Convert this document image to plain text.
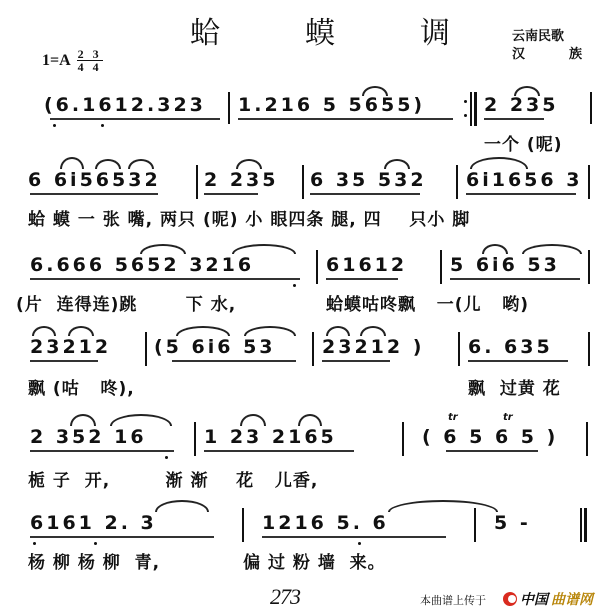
蛤	蟆	调	云南民歌
汉	族
$1=A \frac{2 3}{4 4}$
(6.1612.323 1.216 5 5655)	2 235
一个 (呢)
6 6i56532 2 235 6 35 532 6i1656 3
蛤 蟆 一 张 嘴, 两只 (呢) 小 眼四条 腿, 四    只小 脚
6.666 5652 3216	61612 5 6i6 53
(片  连得连)跳       下 水,	蛤蟆咕咚飘   一(儿   哟)
23212 (5 6i6 53 23212 ) 6. 635
飘 (咕   咚),	飘  过黄 花
2 352 16	1 23 2165
tr	tr
( 6 5 6 5 )
栀 子  开,        渐 渐    花   儿香,
6161 2. 3	1216 5. 6	5 -
杨 柳 杨 柳  青,            偏 过 粉 墙  来。
273	本曲谱上传于 中国 曲谱网
